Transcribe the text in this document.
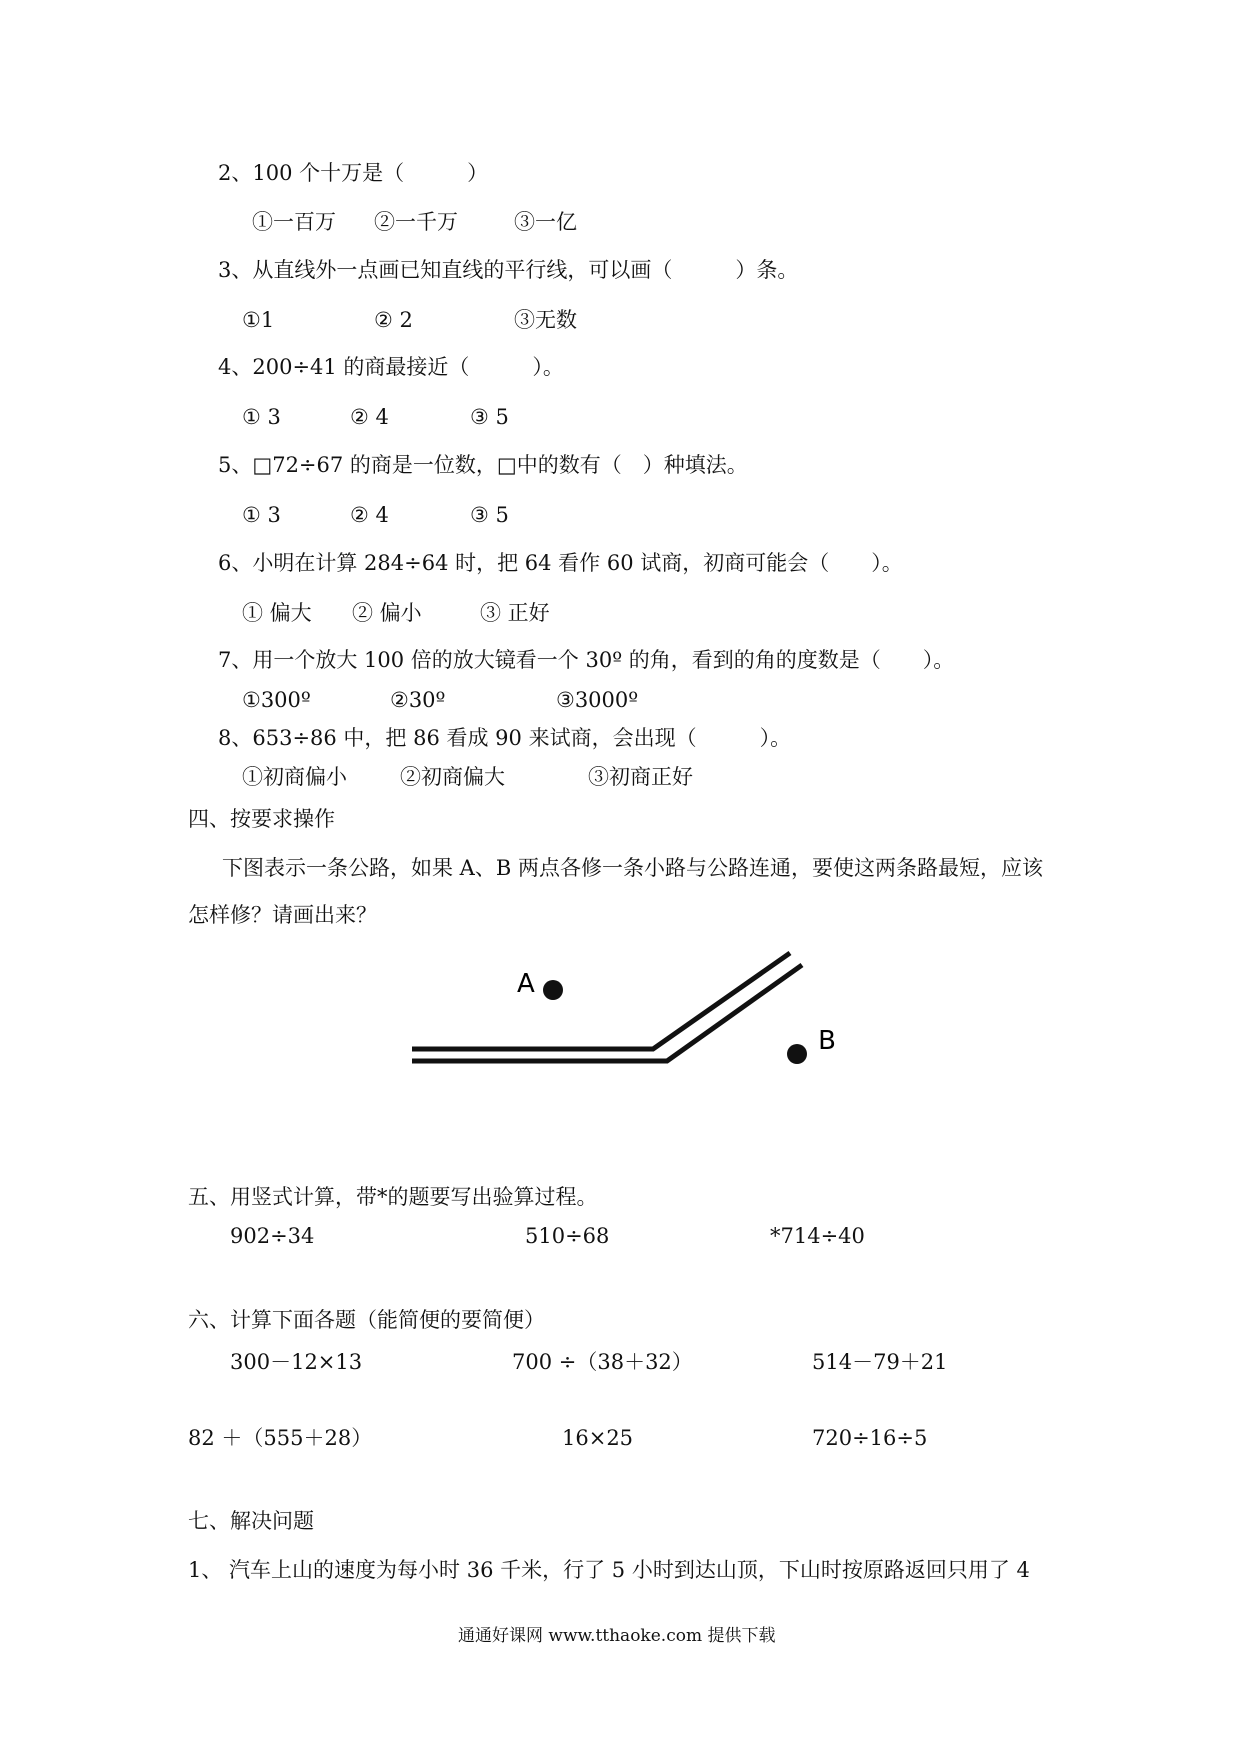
2、100 个十万是（　　　）
①一百万 ②一千万	③一亿
3、从直线外一点画已知直线的平行线，可以画（　　　）条。
①1	② 2	③无数
4、200÷41 的商最接近（　　　）。
① 3	② 4	③ 5
5、□72÷67 的商是一位数，□中的数有（　）种填法。
① 3	② 4	③ 5
6、小明在计算 284÷64 时，把 64 看作 60 试商，初商可能会（　　）。
① 偏大 ② 偏小	③ 正好
7、用一个放大 100 倍的放大镜看一个 30º 的角，看到的角的度数是（　　）。
①300º	②30º	③3000º
8、653÷86 中，把 86 看成 90 来试商，会出现（　　　）。
①初商偏小	②初商偏大	③初商正好
四、按要求操作
下图表示一条公路，如果 A、B 两点各修一条小路与公路连通，要使这两条路最短，应该
怎样修？请画出来？
A
B
五、用竖式计算，带*的题要写出验算过程。
902÷34	510÷68	*714÷40
六、计算下面各题（能简便的要简便）
300－12×13	700 ÷（38＋32）	514－79＋21
82 ＋（555＋28）	16×25	720÷16÷5
七、解决问题
1、 汽车上山的速度为每小时 36 千米，行了 5 小时到达山顶，下山时按原路返回只用了 4
通通好课网 www.tthaoke.com 提供下载
